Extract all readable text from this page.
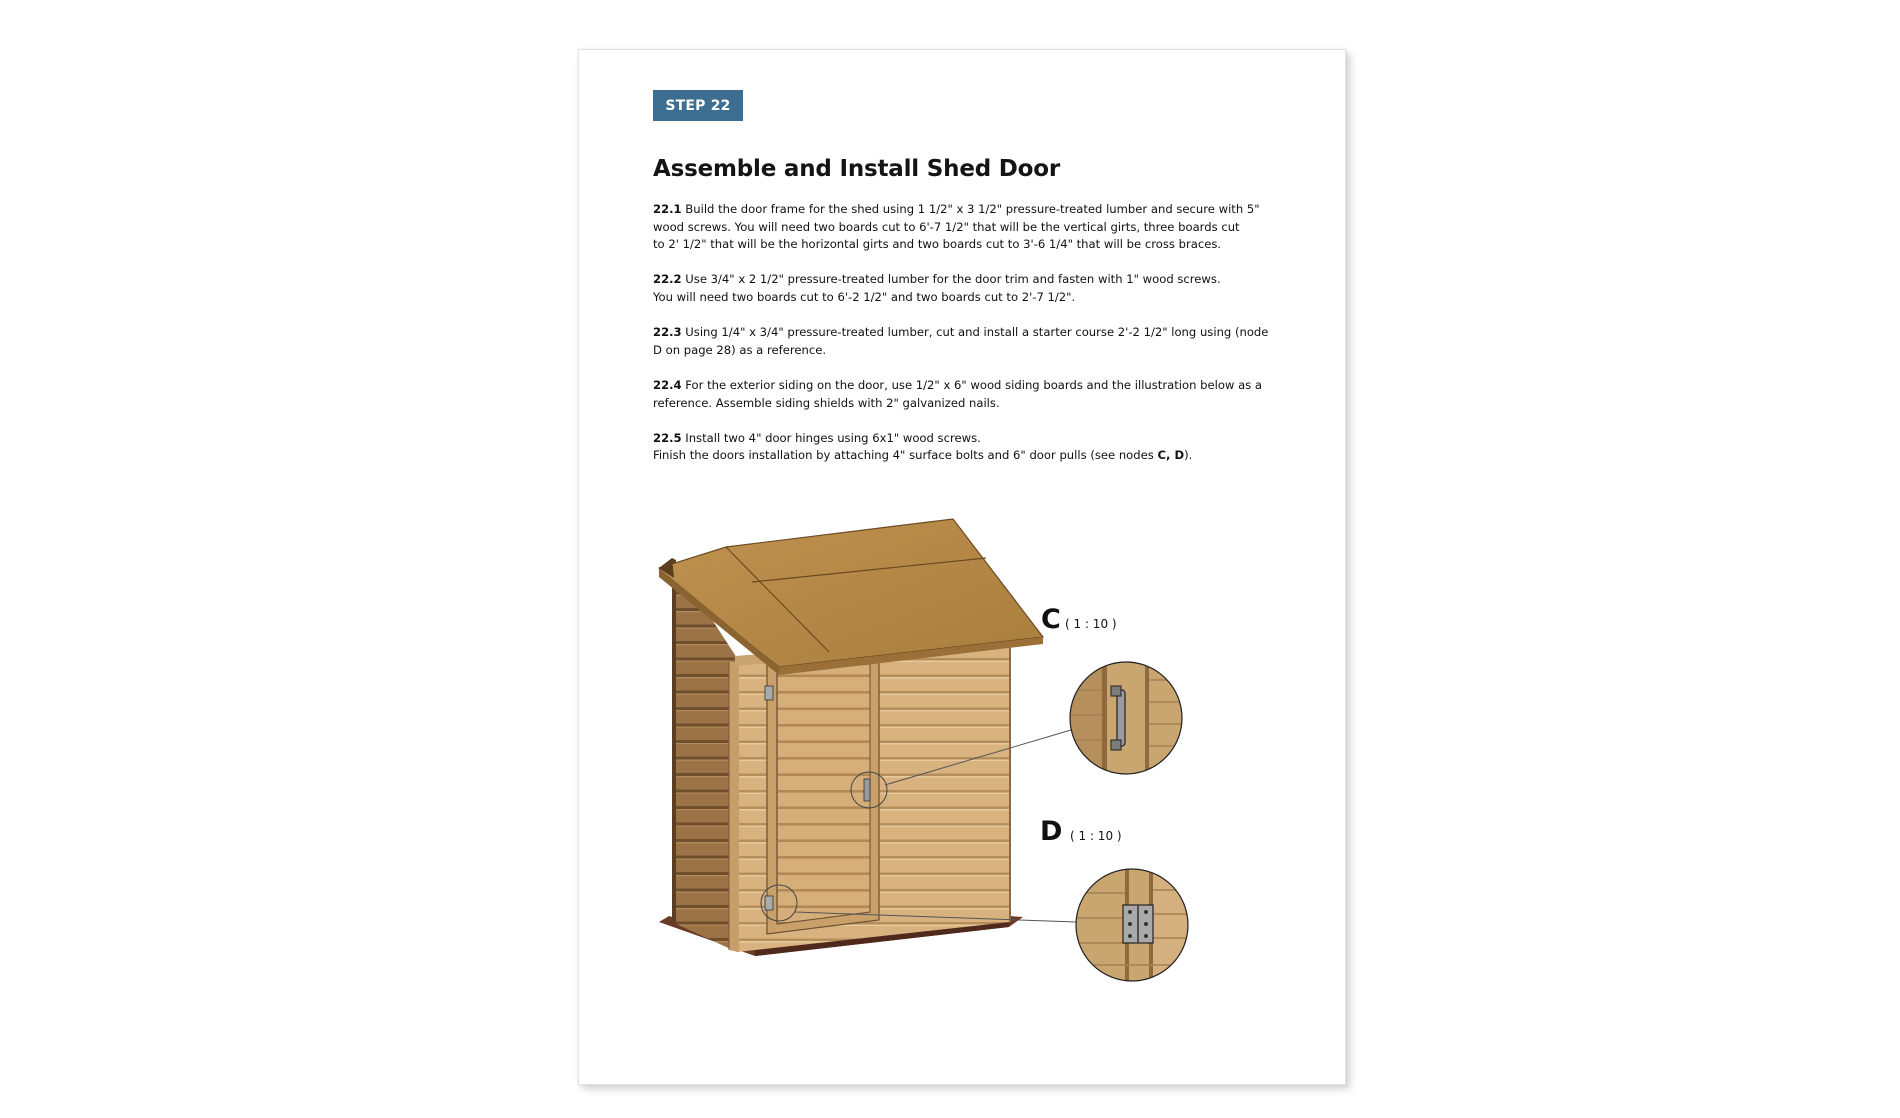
STEP 22
Assemble and Install Shed Door

22.1 Build the door frame for the shed using 1 1/2" x 3 1/2" pressure-treated lumber and secure with 5"
wood screws. You will need two boards cut to 6'-7 1/2" that will be the vertical girts, three boards cut
to 2' 1/2" that will be the horizontal girts and two boards cut to 3'-6 1/4" that will be cross braces.

22.2 Use 3/4" x 2 1/2" pressure-treated lumber for the door trim and fasten with 1" wood screws.
You will need two boards cut to 6'-2 1/2" and two boards cut to 2'-7 1/2".

22.3 Using 1/4" x 3/4" pressure-treated lumber, cut and install a starter course 2'-2 1/2" long using (node
D on page 28) as a reference.

22.4 For the exterior siding on the door, use 1/2" x 6" wood siding boards and the illustration below as a
reference. Assemble siding shields with 2" galvanized nails.

22.5 Install two 4" door hinges using 6x1" wood screws.
Finish the doors installation by attaching 4" surface bolts and 6" door pulls (see nodes C, D).

C ( 1 : 10 )
D ( 1 : 10 )
